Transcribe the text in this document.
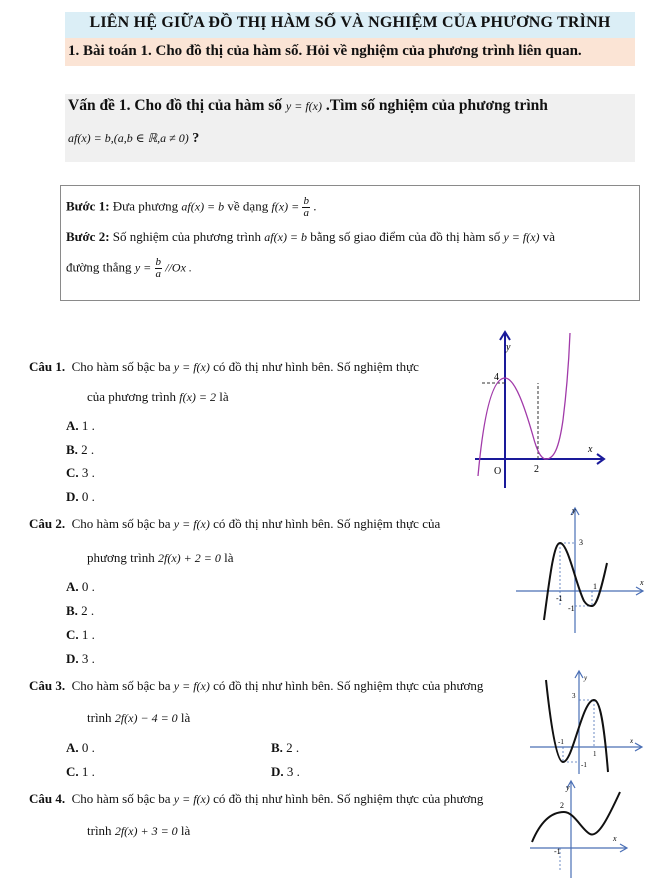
LIÊN HỆ GIỮA ĐỒ THỊ HÀM SỐ VÀ NGHIỆM CỦA PHƯƠNG TRÌNH
1. Bài toán 1. Cho đồ thị của hàm số. Hỏi về nghiệm của phương trình liên quan.
Vấn đề 1. Cho đồ thị của hàm số y = f(x) .Tìm số nghiệm của phương trình
af(x) = b,(a,b ∈ ℝ,a ≠ 0) ?
Bước 1: Đưa phương af(x) = b về dạng $f(x) = \frac{b}{a}$ .
Bước 2: Số nghiệm của phương trình af(x) = b bằng số giao điểm của đồ thị hàm số y = f(x) và
đường thẳng $y = \frac{b}{a} //Ox$ .
Câu 1. Cho hàm số bậc ba y = f(x) có đồ thị như hình bên. Số nghiệm thực
của phương trình f(x) = 2 là
A. 1 .
B. 2 .
C. 3 .
D. 0 .
y
x
O
4
2
Câu 2. Cho hàm số bậc ba y = f(x) có đồ thị như hình bên. Số nghiệm thực của
phương trình 2f(x) + 2 = 0 là
A. 0 .
B. 2 .
C. 1 .
D. 3 .
y
x
3
1
-1
-1
Câu 3. Cho hàm số bậc ba y = f(x) có đồ thị như hình bên. Số nghiệm thực của phương
trình 2f(x) − 4 = 0 là
A. 0 .	B. 2 .
C. 1 .	D. 3 .
y
x
3
1
-1
-1
Câu 4. Cho hàm số bậc ba y = f(x) có đồ thị như hình bên. Số nghiệm thực của phương
trình 2f(x) + 3 = 0 là
y
x
2
-1
